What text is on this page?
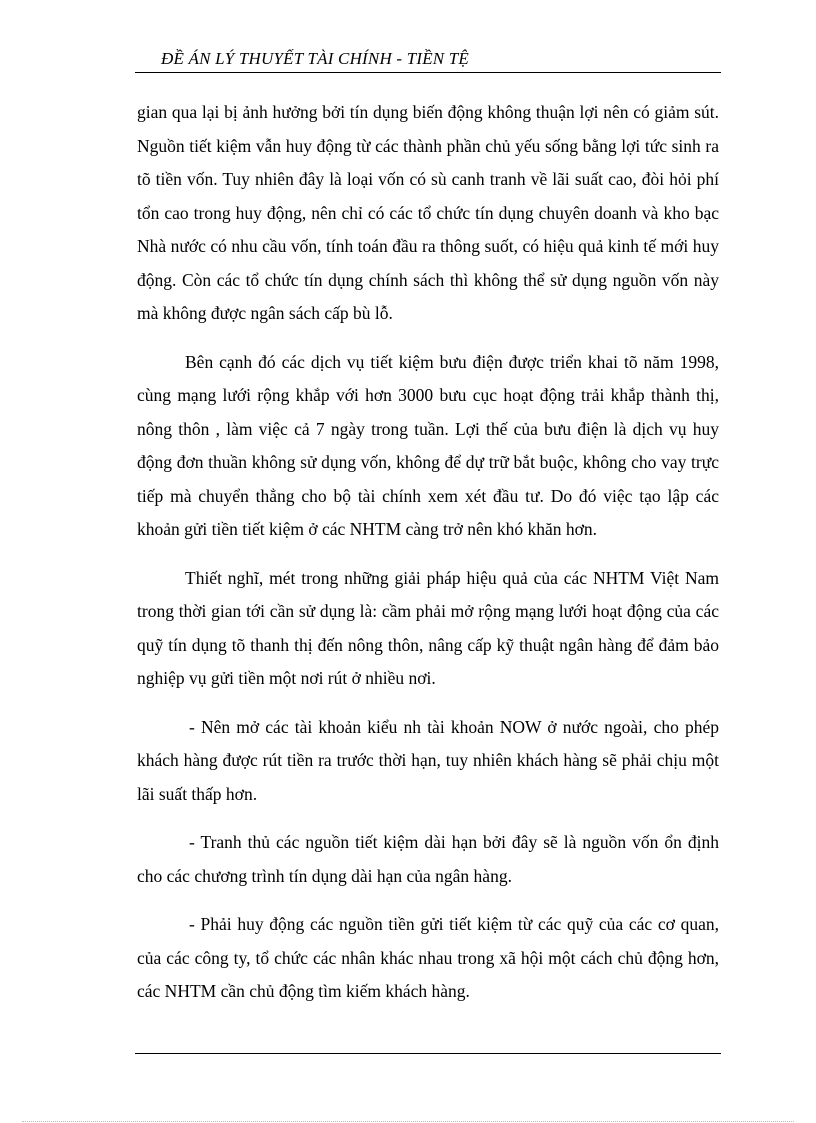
ĐỀ ÁN LÝ THUYẾT TÀI CHÍNH - TIỀN TỆ

gian qua lại bị ảnh hưởng bởi tín dụng biến động không thuận lợi nên có giảm sút. Nguồn tiết kiệm vẫn huy động từ các thành phần chủ yếu sống bằng lợi tức sinh ra tõ tiền vốn. Tuy nhiên đây là loại vốn có sù canh tranh về lãi suất cao, đòi hỏi phí tổn cao trong huy động, nên chỉ có các tổ chức tín dụng chuyên doanh và kho bạc Nhà nước có nhu cầu vốn, tính toán đầu ra thông suốt, có hiệu quả kinh tế mới huy động. Còn các tổ chức tín dụng chính sách thì không thể sử dụng nguồn vốn này mà không được ngân sách cấp bù lỗ.

Bên cạnh đó các dịch vụ tiết kiệm bưu điện được triển khai tõ năm 1998, cùng mạng lưới rộng khắp với hơn 3000 bưu cục hoạt động trải khắp thành thị, nông thôn , làm việc cả 7 ngày trong tuần. Lợi thế của bưu điện là dịch vụ huy động đơn thuần không sử dụng vốn, không để dự trữ bắt buộc, không cho vay trực tiếp mà chuyển thẳng cho bộ tài chính xem xét đầu tư. Do đó việc tạo lập các khoản gửi tiền tiết kiệm ở các NHTM càng trở nên khó khăn hơn.

Thiết nghĩ, mét trong những giải pháp hiệu quả của các NHTM Việt Nam trong thời gian tới cần sử dụng là: cầm phải mở rộng mạng lưới hoạt động của các quỹ tín dụng tõ thanh thị đến nông thôn, nâng cấp kỹ thuật ngân hàng để đảm bảo nghiệp vụ gửi tiền một nơi rút ở nhiều nơi.

- Nên mở các tài khoản kiểu nh tài khoản NOW ở nước ngoài, cho phép khách hàng được rút tiền ra trước thời hạn, tuy nhiên khách hàng sẽ phải chịu một lãi suất thấp hơn.

- Tranh thủ các nguồn tiết kiệm dài hạn bởi đây sẽ là nguồn vốn ổn định cho các chương trình tín dụng dài hạn của ngân hàng.

- Phải huy động các nguồn tiền gửi tiết kiệm từ các quỹ của các cơ quan, của các công ty, tổ chức các nhân khác nhau trong xã hội một cách chủ động hơn, các NHTM cần chủ động tìm kiếm khách hàng.
